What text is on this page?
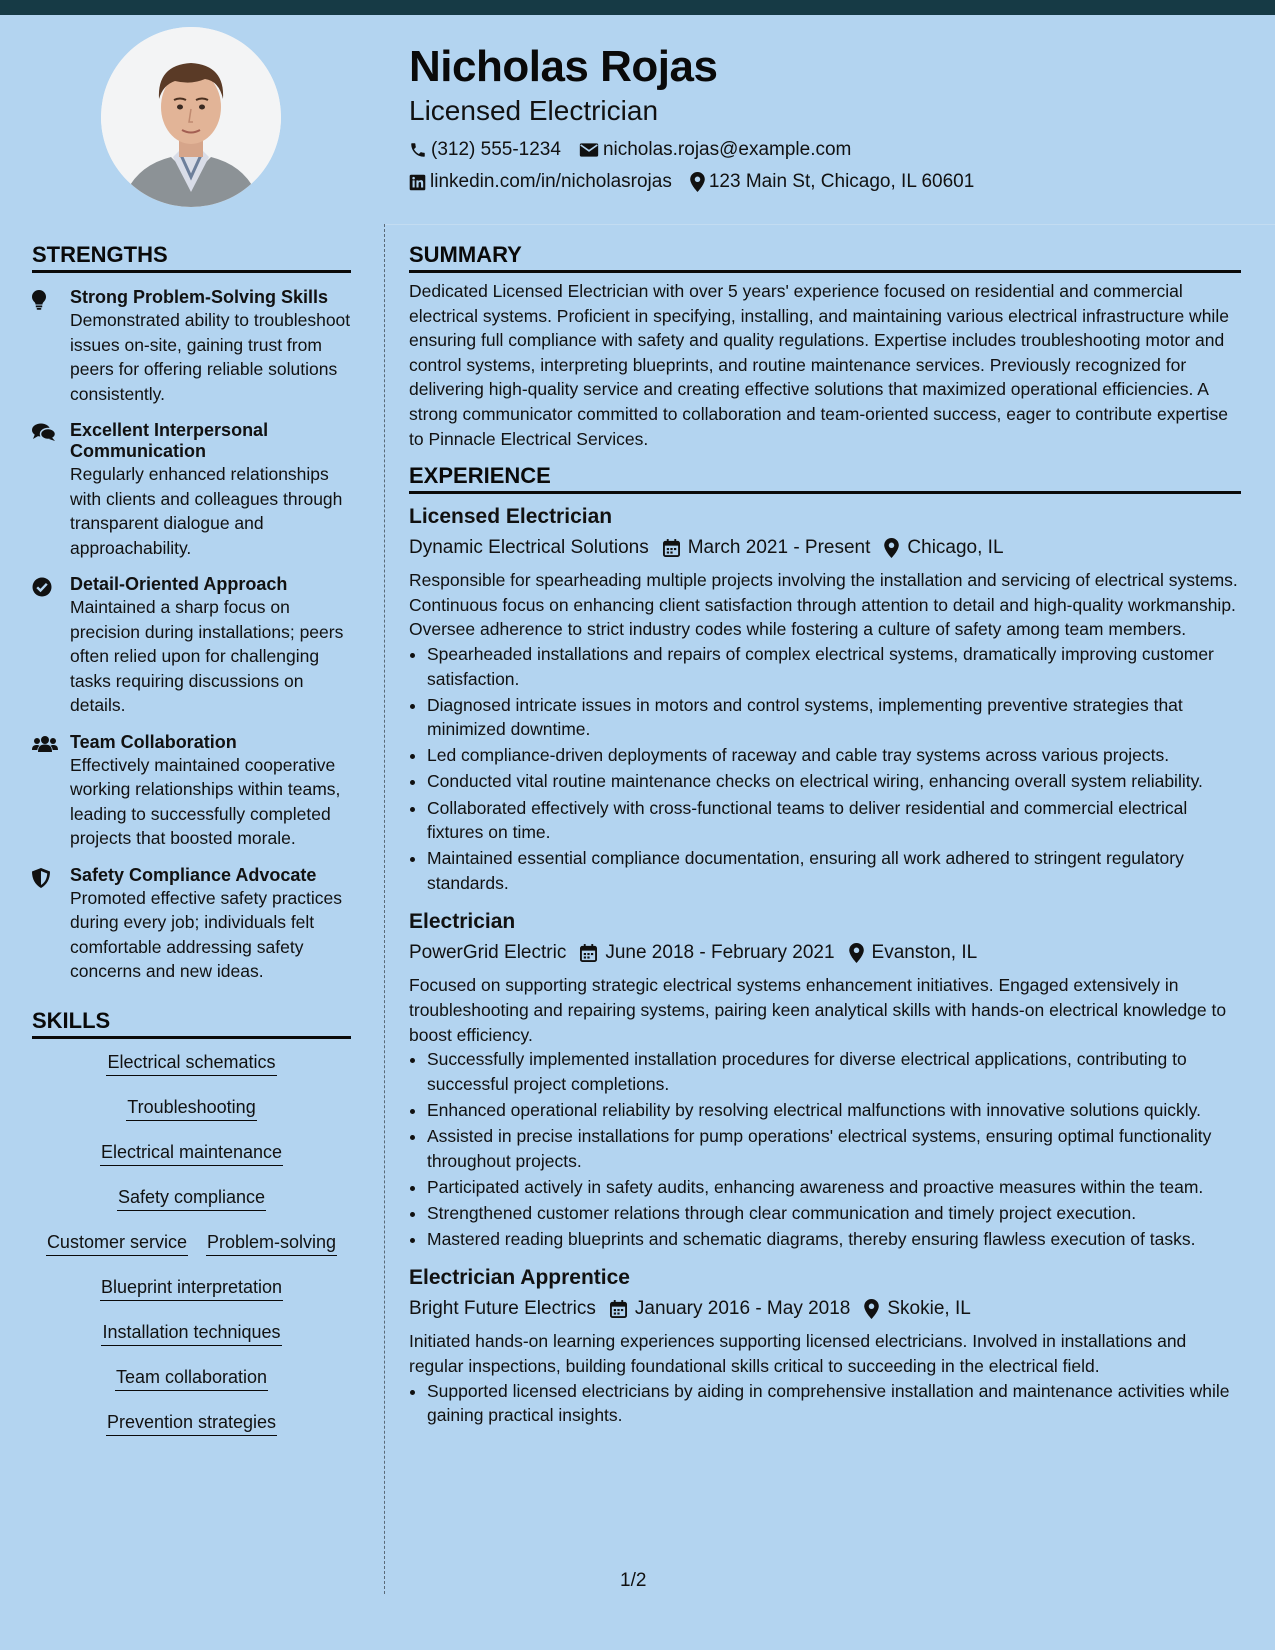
Nicholas Rojas
Licensed Electrician
(312) 555-1234 nicholas.rojas@example.com
linkedin.com/in/nicholasrojas 123 Main St, Chicago, IL 60601
STRENGTHS
Strong Problem-Solving Skills
Demonstrated ability to troubleshoot issues on-site, gaining trust from peers for offering reliable solutions consistently.
Excellent Interpersonal Communication
Regularly enhanced relationships with clients and colleagues through transparent dialogue and approachability.
Detail-Oriented Approach
Maintained a sharp focus on precision during installations; peers often relied upon for challenging tasks requiring discussions on details.
Team Collaboration
Effectively maintained cooperative working relationships within teams, leading to successfully completed projects that boosted morale.
Safety Compliance Advocate
Promoted effective safety practices during every job; individuals felt comfortable addressing safety concerns and new ideas.
SKILLS
Electrical schematics
Troubleshooting
Electrical maintenance
Safety compliance
Customer service Problem-solving
Blueprint interpretation
Installation techniques
Team collaboration
Prevention strategies
SUMMARY

Dedicated Licensed Electrician with over 5 years' experience focused on residential and commercial electrical systems. Proficient in specifying, installing, and maintaining various electrical infrastructure while ensuring full compliance with safety and quality regulations. Expertise includes troubleshooting motor and control systems, interpreting blueprints, and routine maintenance services. Previously recognized for delivering high-quality service and creating effective solutions that maximized operational efficiencies. A strong communicator committed to collaboration and team-oriented success, eager to contribute expertise to Pinnacle Electrical Services.

EXPERIENCE
Licensed Electrician
Dynamic Electrical Solutions March 2021 - Present Chicago, IL
Responsible for spearheading multiple projects involving the installation and servicing of electrical systems. Continuous focus on enhancing client satisfaction through attention to detail and high-quality workmanship. Oversee adherence to strict industry codes while fostering a culture of safety among team members.
• Spearheaded installations and repairs of complex electrical systems, dramatically improving customer satisfaction.
• Diagnosed intricate issues in motors and control systems, implementing preventive strategies that minimized downtime.
• Led compliance-driven deployments of raceway and cable tray systems across various projects.
• Conducted vital routine maintenance checks on electrical wiring, enhancing overall system reliability.
• Collaborated effectively with cross-functional teams to deliver residential and commercial electrical fixtures on time.
• Maintained essential compliance documentation, ensuring all work adhered to stringent regulatory standards.
Electrician
PowerGrid Electric June 2018 - February 2021 Evanston, IL
Focused on supporting strategic electrical systems enhancement initiatives. Engaged extensively in troubleshooting and repairing systems, pairing keen analytical skills with hands-on electrical knowledge to boost efficiency.
• Successfully implemented installation procedures for diverse electrical applications, contributing to successful project completions.
• Enhanced operational reliability by resolving electrical malfunctions with innovative solutions quickly.
• Assisted in precise installations for pump operations' electrical systems, ensuring optimal functionality throughout projects.
• Participated actively in safety audits, enhancing awareness and proactive measures within the team.
• Strengthened customer relations through clear communication and timely project execution.
• Mastered reading blueprints and schematic diagrams, thereby ensuring flawless execution of tasks.
Electrician Apprentice
Bright Future Electrics January 2016 - May 2018 Skokie, IL
Initiated hands-on learning experiences supporting licensed electricians. Involved in installations and regular inspections, building foundational skills critical to succeeding in the electrical field.
• Supported licensed electricians by aiding in comprehensive installation and maintenance activities while gaining practical insights.
1/2
